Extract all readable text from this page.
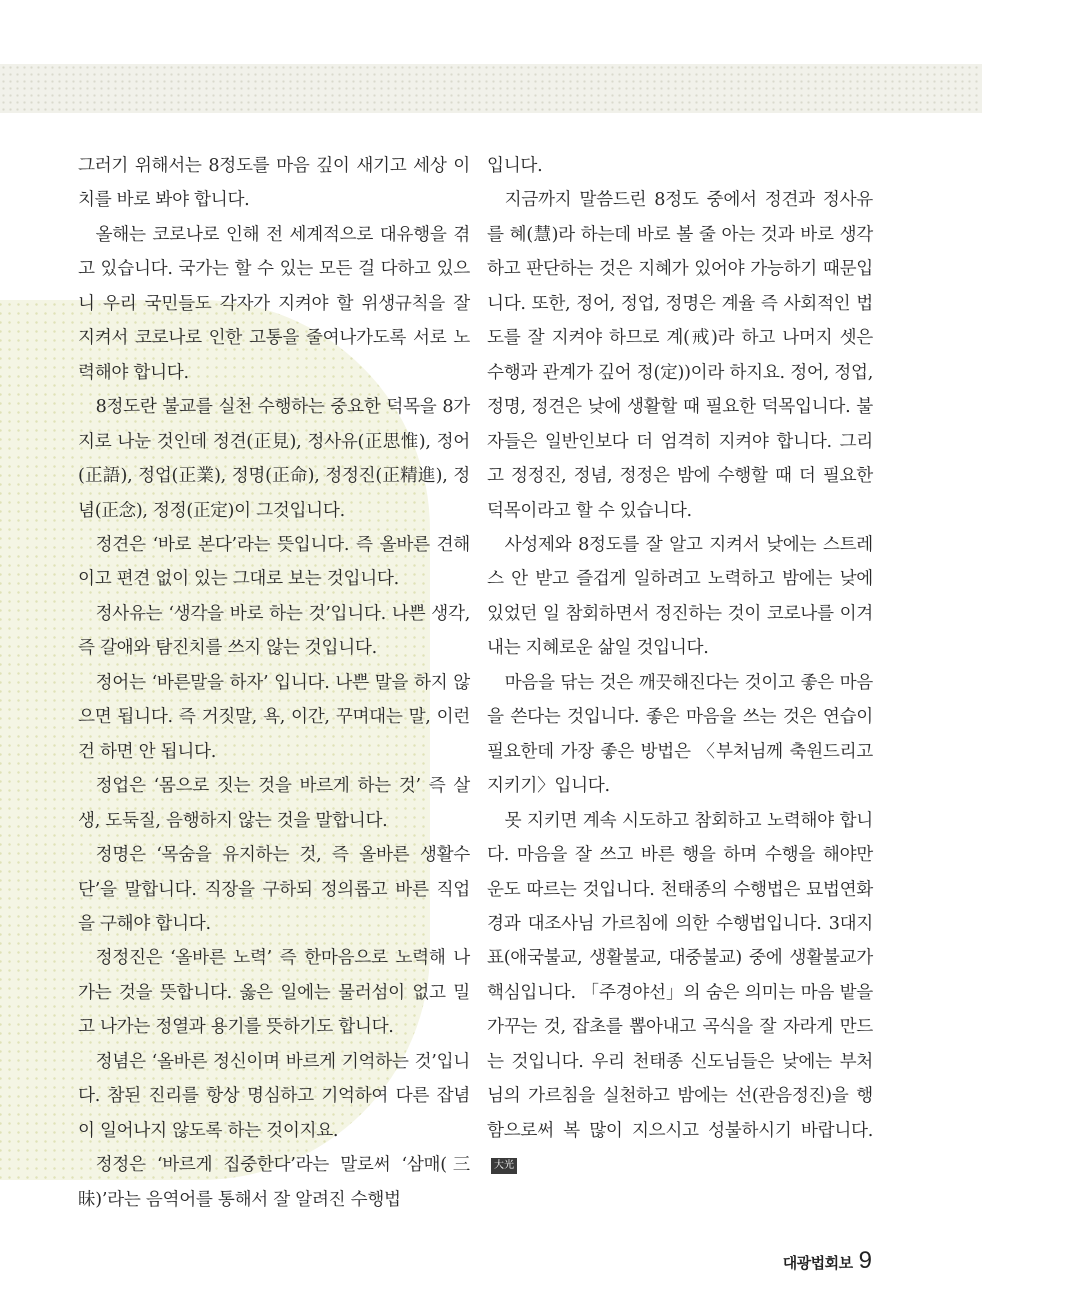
그러기 위해서는 8정도를 마음 깊이 새기고 세상 이치를 바로 봐야 합니다.

올해는 코로나로 인해 전 세계적으로 대유행을 겪고 있습니다. 국가는 할 수 있는 모든 걸 다하고 있으니 우리 국민들도 각자가 지켜야 할 위생규칙을 잘 지켜서 코로나로 인한 고통을 줄여나가도록 서로 노력해야 합니다.

8정도란 불교를 실천 수행하는 중요한 덕목을 8가지로 나눈 것인데 정견(正見), 정사유(正思惟), 정어(正語), 정업(正業), 정명(正命), 정정진(正精進), 정념(正念), 정정(正定)이 그것입니다.

정견은 ‘바로 본다’라는 뜻입니다. 즉 올바른 견해이고 편견 없이 있는 그대로 보는 것입니다.

정사유는 ‘생각을 바로 하는 것’입니다. 나쁜 생각, 즉 갈애와 탐진치를 쓰지 않는 것입니다.

정어는 ‘바른말을 하자’ 입니다. 나쁜 말을 하지 않으면 됩니다. 즉 거짓말, 욕, 이간, 꾸며대는 말, 이런 건 하면 안 됩니다.

정업은 ‘몸으로 짓는 것을 바르게 하는 것’ 즉 살생, 도둑질, 음행하지 않는 것을 말합니다.

정명은 ‘목숨을 유지하는 것, 즉 올바른 생활수단’을 말합니다. 직장을 구하되 정의롭고 바른 직업을 구해야 합니다.

정정진은 ‘올바른 노력’ 즉 한마음으로 노력해 나가는 것을 뜻합니다. 옳은 일에는 물러섬이 없고 밀고 나가는 정열과 용기를 뜻하기도 합니다.

정념은 ‘올바른 정신이며 바르게 기억하는 것’입니다. 참된 진리를 항상 명심하고 기억하여 다른 잡념이 일어나지 않도록 하는 것이지요.

정정은 ‘바르게 집중한다’라는 말로써 ‘삼매(三昧)’라는 음역어를 통해서 잘 알려진 수행법

입니다.

지금까지 말씀드린 8정도 중에서 정견과 정사유를 혜(慧)라 하는데 바로 볼 줄 아는 것과 바로 생각하고 판단하는 것은 지혜가 있어야 가능하기 때문입니다. 또한, 정어, 정업, 정명은 계율 즉 사회적인 법도를 잘 지켜야 하므로 계(戒)라 하고 나머지 셋은 수행과 관계가 깊어 정(定))이라 하지요. 정어, 정업, 정명, 정견은 낮에 생활할 때 필요한 덕목입니다. 불자들은 일반인보다 더 엄격히 지켜야 합니다. 그리고 정정진, 정념, 정정은 밤에 수행할 때 더 필요한 덕목이라고 할 수 있습니다.

사성제와 8정도를 잘 알고 지켜서 낮에는 스트레스 안 받고 즐겁게 일하려고 노력하고 밤에는 낮에 있었던 일 참회하면서 정진하는 것이 코로나를 이겨내는 지혜로운 삶일 것입니다.

마음을 닦는 것은 깨끗해진다는 것이고 좋은 마음을 쓴다는 것입니다. 좋은 마음을 쓰는 것은 연습이 필요한데 가장 좋은 방법은 〈부처님께 축원드리고 지키기〉입니다.

못 지키면 계속 시도하고 참회하고 노력해야 합니다. 마음을 잘 쓰고 바른 행을 하며 수행을 해야만 운도 따르는 것입니다. 천태종의 수행법은 묘법연화경과 대조사님 가르침에 의한 수행법입니다. 3대지표(애국불교, 생활불교, 대중불교) 중에 생활불교가 핵심입니다. 「주경야선」의 숨은 의미는 마음 밭을 가꾸는 것, 잡초를 뽑아내고 곡식을 잘 자라게 만드는 것입니다. 우리 천태종 신도님들은 낮에는 부처님의 가르침을 실천하고 밤에는 선(관음정진)을 행함으로써 복 많이 지으시고 성불하시기 바랍니다.大光

대광법회보 9
